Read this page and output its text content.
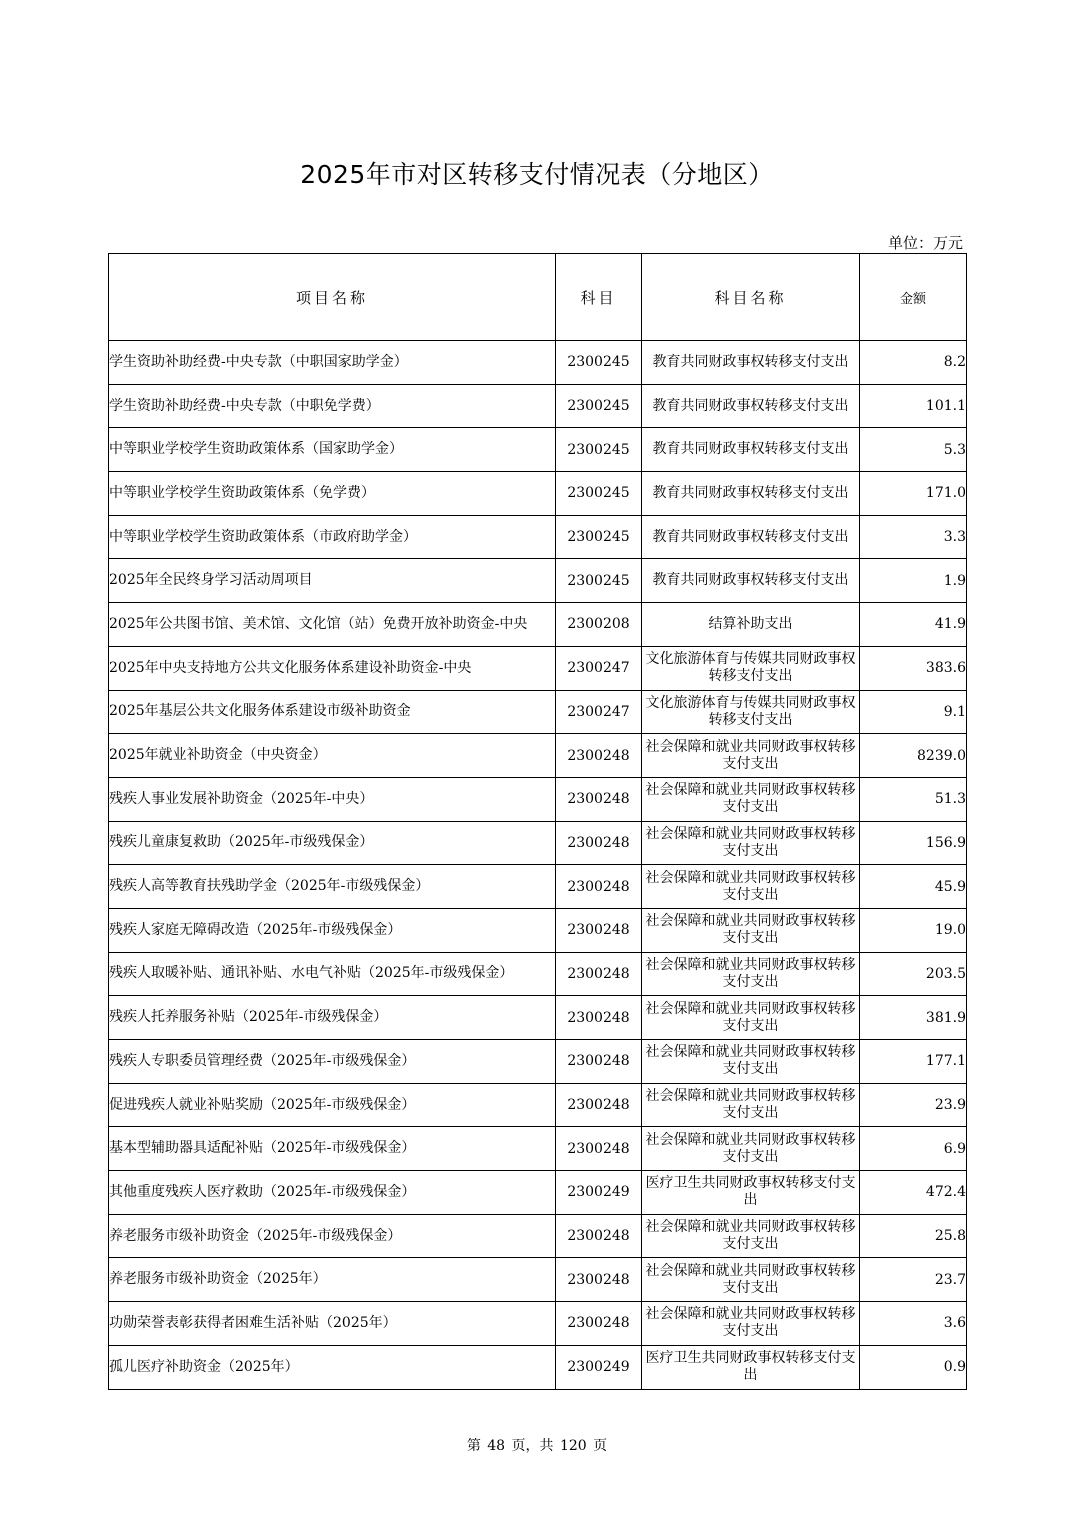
2025年市对区转移支付情况表（分地区）
单位：万元
项目名称	科目	科目名称	金额
学生资助补助经费-中央专款（中职国家助学金）	2300245	教育共同财政事权转移支付支出	8.2
学生资助补助经费-中央专款（中职免学费）	2300245	教育共同财政事权转移支付支出	101.1
中等职业学校学生资助政策体系（国家助学金）	2300245	教育共同财政事权转移支付支出	5.3
中等职业学校学生资助政策体系（免学费）	2300245	教育共同财政事权转移支付支出	171.0
中等职业学校学生资助政策体系（市政府助学金）	2300245	教育共同财政事权转移支付支出	3.3
2025年全民终身学习活动周项目	2300245	教育共同财政事权转移支付支出	1.9
2025年公共图书馆、美术馆、文化馆（站）免费开放补助资金-中央	2300208	结算补助支出	41.9
2025年中央支持地方公共文化服务体系建设补助资金-中央	2300247	文化旅游体育与传媒共同财政事权转移支付支出	383.6
2025年基层公共文化服务体系建设市级补助资金	2300247	文化旅游体育与传媒共同财政事权转移支付支出	9.1
2025年就业补助资金（中央资金）	2300248	社会保障和就业共同财政事权转移支付支出	8239.0
残疾人事业发展补助资金（2025年-中央）	2300248	社会保障和就业共同财政事权转移支付支出	51.3
残疾儿童康复救助（2025年-市级残保金）	2300248	社会保障和就业共同财政事权转移支付支出	156.9
残疾人高等教育扶残助学金（2025年-市级残保金）	2300248	社会保障和就业共同财政事权转移支付支出	45.9
残疾人家庭无障碍改造（2025年-市级残保金）	2300248	社会保障和就业共同财政事权转移支付支出	19.0
残疾人取暖补贴、通讯补贴、水电气补贴（2025年-市级残保金）	2300248	社会保障和就业共同财政事权转移支付支出	203.5
残疾人托养服务补贴（2025年-市级残保金）	2300248	社会保障和就业共同财政事权转移支付支出	381.9
残疾人专职委员管理经费（2025年-市级残保金）	2300248	社会保障和就业共同财政事权转移支付支出	177.1
促进残疾人就业补贴奖励（2025年-市级残保金）	2300248	社会保障和就业共同财政事权转移支付支出	23.9
基本型辅助器具适配补贴（2025年-市级残保金）	2300248	社会保障和就业共同财政事权转移支付支出	6.9
其他重度残疾人医疗救助（2025年-市级残保金）	2300249	医疗卫生共同财政事权转移支付支出	472.4
养老服务市级补助资金（2025年-市级残保金）	2300248	社会保障和就业共同财政事权转移支付支出	25.8
养老服务市级补助资金（2025年）	2300248	社会保障和就业共同财政事权转移支付支出	23.7
功勋荣誉表彰获得者困难生活补贴（2025年）	2300248	社会保障和就业共同财政事权转移支付支出	3.6
孤儿医疗补助资金（2025年）	2300249	医疗卫生共同财政事权转移支付支出	0.9
第 48 页，共 120 页
